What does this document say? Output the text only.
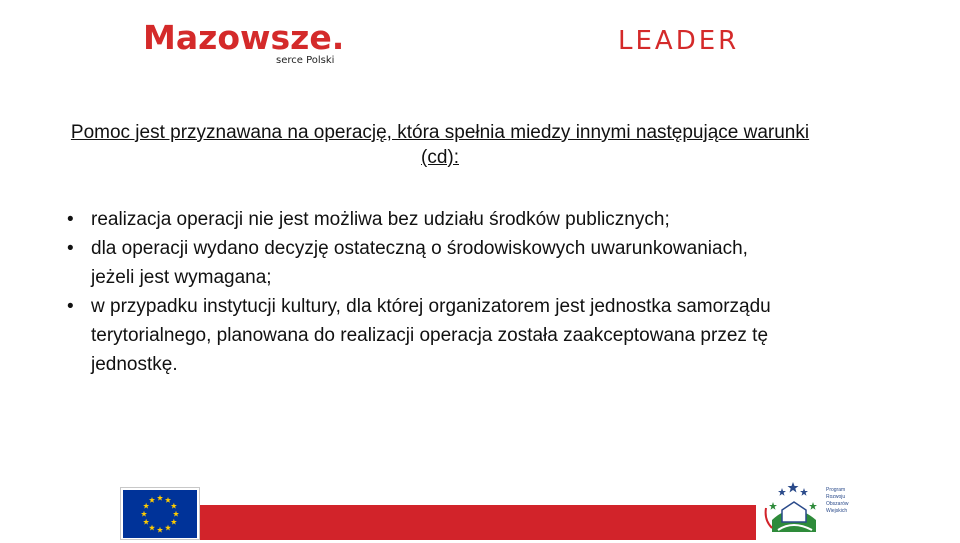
Mazowsze.
serce Polski
LEADER
Pomoc jest przyznawana na operację, która spełnia miedzy innymi następujące warunki (cd):
• realizacja operacji nie jest możliwa bez udziału środków publicznych;
• dla operacji wydano decyzję ostateczną o środowiskowych uwarunkowaniach, jeżeli jest wymagana;
• w przypadku instytucji kultury, dla której organizatorem jest jednostka samorządu terytorialnego, planowana do realizacji operacja została zaakceptowana przez tę jednostkę.
Program
Rozwoju
Obszarów
Wiejskich
